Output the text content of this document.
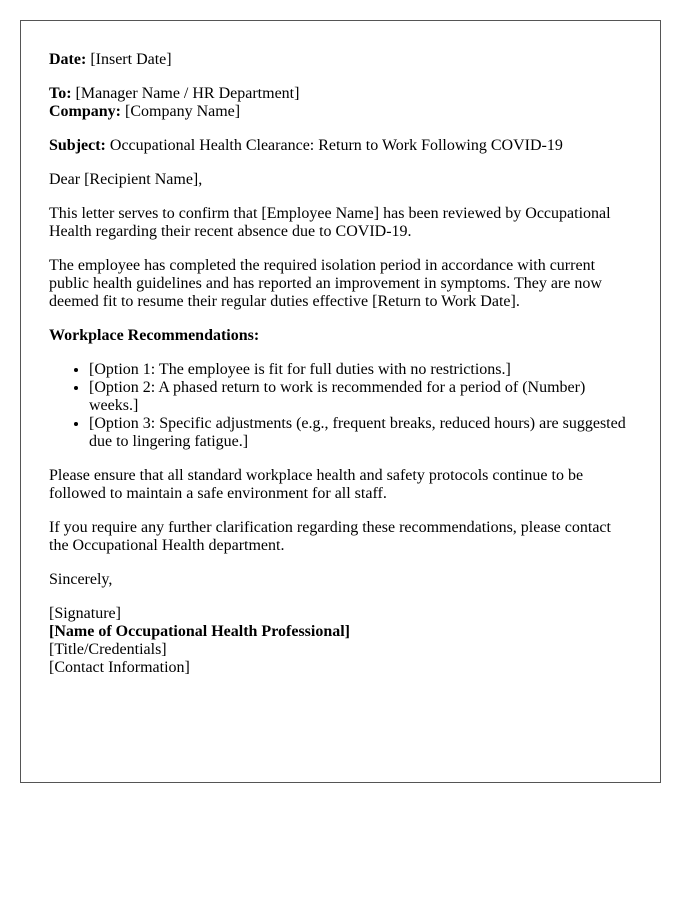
Date: [Insert Date]

To: [Manager Name / HR Department]
Company: [Company Name]

Subject: Occupational Health Clearance: Return to Work Following COVID-19

Dear [Recipient Name],

This letter serves to confirm that [Employee Name] has been reviewed by Occupational Health regarding their recent absence due to COVID-19.

The employee has completed the required isolation period in accordance with current public health guidelines and has reported an improvement in symptoms. They are now deemed fit to resume their regular duties effective [Return to Work Date].

Workplace Recommendations:

• [Option 1: The employee is fit for full duties with no restrictions.]
• [Option 2: A phased return to work is recommended for a period of (Number) weeks.]
• [Option 3: Specific adjustments (e.g., frequent breaks, reduced hours) are suggested due to lingering fatigue.]

Please ensure that all standard workplace health and safety protocols continue to be followed to maintain a safe environment for all staff.

If you require any further clarification regarding these recommendations, please contact the Occupational Health department.

Sincerely,

[Signature]
[Name of Occupational Health Professional]
[Title/Credentials]
[Contact Information]
